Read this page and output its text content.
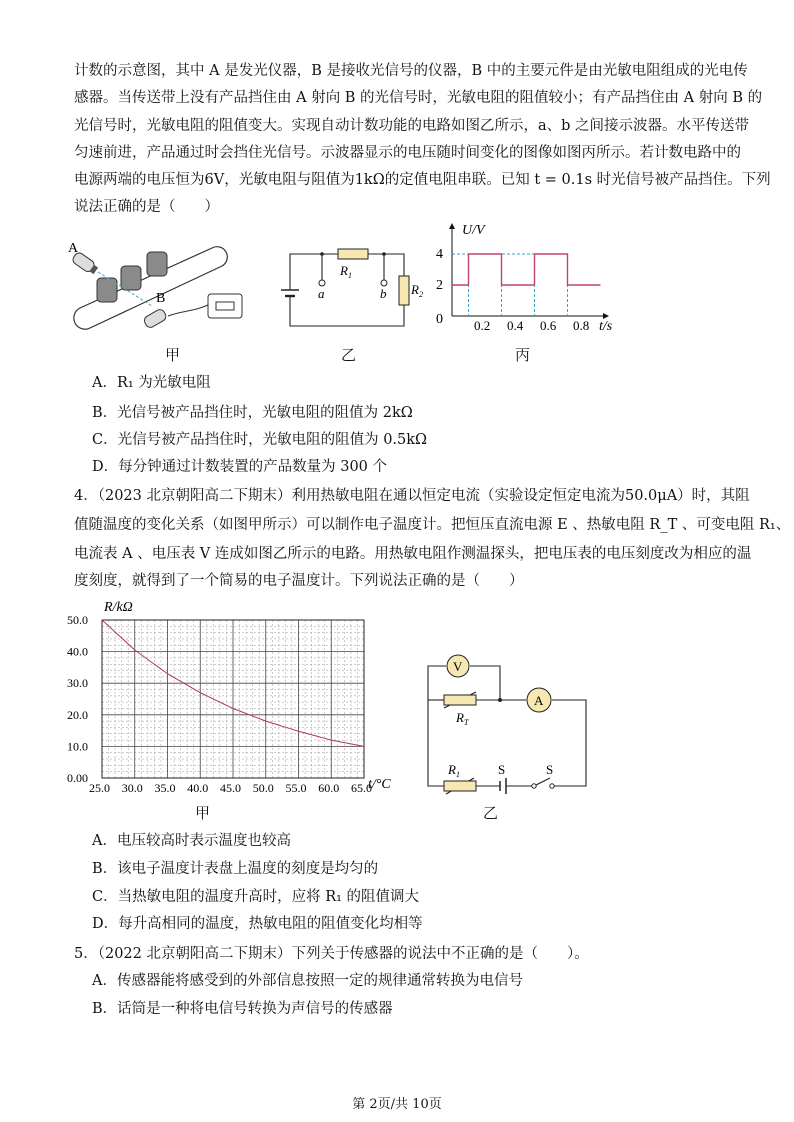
计数的示意图，其中 A 是发光仪器，B 是接收光信号的仪器，B 中的主要元件是由光敏电阻组成的光电传
感器。当传送带上没有产品挡住由 A 射向 B 的光信号时，光敏电阻的阻值较小；有产品挡住由 A 射向 B 的
光信号时，光敏电阻的阻值变大。实现自动计数功能的电路如图乙所示，a、b 之间接示波器。水平传送带
匀速前进，产品通过时会挡住光信号。示波器显示的电压随时间变化的图像如图丙所示。若计数电路中的
电源两端的电压恒为6V，光敏电阻与阻值为1kΩ的定值电阻串联。已知 t = 0.1s 时光信号被产品挡住。下列
说法正确的是（　　）
A
B
甲
$R_1$
a	b $R_2$
乙
0
U/V
4
2
0.2 0.4 0.6 0.8 t/s
丙
A．R₁ 为光敏电阻
B．光信号被产品挡住时，光敏电阻的阻值为 2kΩ
C．光信号被产品挡住时，光敏电阻的阻值为 0.5kΩ
D．每分钟通过计数装置的产品数量为 300 个
4．（2023 北京朝阳高二下期末）利用热敏电阻在通以恒定电流（实验设定恒定电流为50.0μA）时，其阻
值随温度的变化关系（如图甲所示）可以制作电子温度计。把恒压直流电源 E 、热敏电阻 R_T 、可变电阻 R₁、
电流表 A 、电压表 V 连成如图乙所示的电路。用热敏电阻作测温探头，把电压表的电压刻度改为相应的温
度刻度，就得到了一个简易的电子温度计。下列说法正确的是（　　）
50.0
40.0
30.0
20.0
10.0
0.00
25.0 30.0 35.0 40.0 45.0 50.0 55.0 60.0 65.0
R/kΩ
t/°C
甲
V
A
$R_T$
$R_1$	S	S
乙
A．电压较高时表示温度也较高
B．该电子温度计表盘上温度的刻度是均匀的
C．当热敏电阻的温度升高时，应将 R₁ 的阻值调大
D．每升高相同的温度，热敏电阻的阻值变化均相等
5．（2022 北京朝阳高二下期末）下列关于传感器的说法中不正确的是（　　）。
A．传感器能将感受到的外部信息按照一定的规律通常转换为电信号
B．话筒是一种将电信号转换为声信号的传感器
第 2页/共 10页
